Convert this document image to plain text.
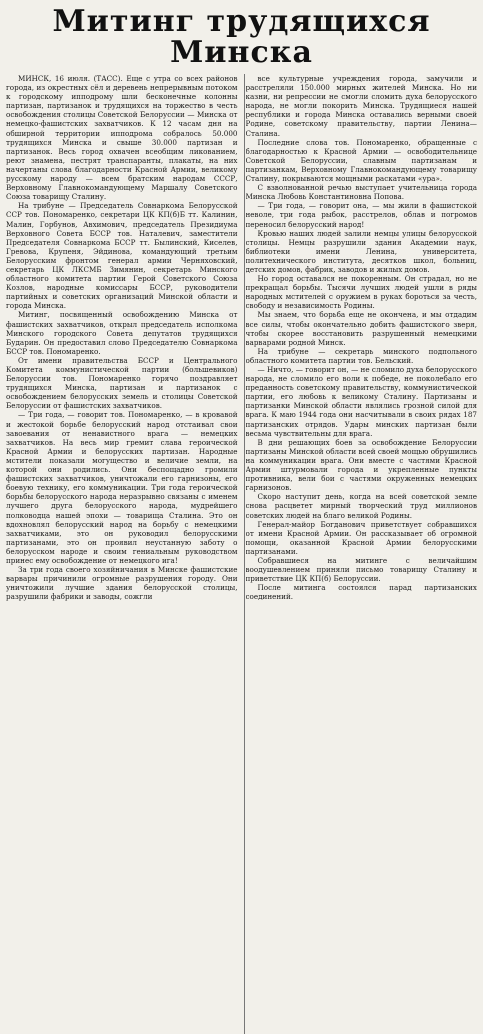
Митинг трудящихся
Минска

МИНСК, 16 июля. (ТАСС). Еще с утра со всех районов города, из окрестных сёл и деревень непрерывным потоком к городскому ипподрому шли бесконечные колонны партизан, партизанок и трудящихся на торжество в честь освобождения столицы Советской Белоруссии — Минска от немецко-фашистских захватчиков. К 12 часам дня на обширной территории ипподрома собралось 50.000 трудящихся Минска и свыше 30.000 партизан и партизанок. Весь город охвачен всеобщим ликованием, реют знамена, пестрят транспаранты, плакаты, на них начертаны слова благодарности Красной Армии, великому русскому народу — всем братским народам СССР, Верховному Главнокомандующему Маршалу Советского Союза товарищу Сталину.

На трибуне — Председатель Совнаркома Белорусской ССР тов. Пономаренко, секретари ЦК КП(б)Б тт. Калинин, Малин, Горбунов, Авхимович, председатель Президиума Верховного Совета БССР тов. Наталевич, заместители Председателя Совнаркома БССР тт. Былинский, Киселев, Гревова, Крупеня, Эйдинова, командующий третьим Белорусским фронтом генерал армии Черняховский, секретарь ЦК ЛКСМБ Зимянин, секретарь Минского областного комитета партии Герой Советского Союза Козлов, народные комиссары БССР, руководители партийных и советских организаций Минской области и города Минска.

Митинг, посвященный освобождению Минска от фашистских захватчиков, открыл председатель исполкома Минского городского Совета депутатов трудящихся Бударин. Он предоставил слово Председателю Совнаркома БССР тов. Пономаренко.

От имени правительства БССР и Центрального Комитета коммунистической партии (большевиков) Белоруссии тов. Пономаренко горячо поздравляет трудящихся Минска, партизан и партизанок с освобождением белорусских земель и столицы Советской Белоруссии от фашистских захватчиков.

— Три года, — говорит тов. Пономаренко, — в кровавой и жестокой борьбе белорусский народ отстаивал свои завоевания от ненавистного врага — немецких захватчиков. На весь мир гремит слава героической Красной Армии и белорусских партизан. Народные мстители показали могущество и величие земли, на которой они родились. Они беспощадно громили фашистских захватчиков, уничтожали его гарнизоны, его боевую технику, его коммуникации. Три года героической борьбы белорусского народа неразрывно связаны с именем лучшего друга белорусского народа, мудрейшего полководца нашей эпохи — товарища Сталина. Это он вдохновлял белорусский народ на борьбу с немецкими захватчиками, это он руководил белорусскими партизанами, это он проявил неустанную заботу о белорусском народе и своим гениальным руководством принес ему освобождение от немецкого ига!

За три года своего хозяйничания в Минске фашистские варвары причинили огромные разрушения городу. Они уничтожили лучшие здания белорусской столицы, разрушили фабрики и заводы, сожгли

все культурные учреждения города, замучили и расстреляли 150.000 мирных жителей Минска. Но ни казни, ни репрессии не смогли сломить духа белорусского народа, не могли покорить Минска. Трудящиеся нашей республики и города Минска оставались верными своей Родине, советскому правительству, партии Ленина—Сталина.

Последние слова тов. Пономаренко, обращенные с благодарностью к Красной Армии — освободительнице Советской Белоруссии, славным партизанам и партизанкам, Верховному Главнокомандующему товарищу Сталину, покрываются мощными раскатами «ура».

С взволнованной речью выступает учительница города Минска Любовь Константиновна Попова.

— Три года, — говорит она, — мы жили в фашистской неволе, три года рыбок, расстрелов, облав и погромов переносил белорусский народ!

Кровью наших людей залили немцы улицы белорусской столицы. Немцы разрушили здания Академии наук, библиотеки имени Ленина, университета, политехнического института, десятков школ, больниц, детских домов, фабрик, заводов и жилых домов.

Но город оставался не покоренным. Он страдал, но не прекращал борьбы. Тысячи лучших людей ушли в ряды народных мстителей с оружием в руках бороться за честь, свободу и независимость Родины.

Мы знаем, что борьба еще не окончена, и мы отдадим все силы, чтобы окончательно добить фашистского зверя, чтобы скорее восстановить разрушенный немецкими варварами родной Минск.

На трибуне — секретарь минского подпольного областного комитета партии тов. Бельский.

— Ничто, — говорит он, — не сломило духа белорусского народа, не сломило его воли к победе, не поколебало его преданность советскому правительству, коммунистической партии, его любовь к великому Сталину. Партизаны и партизанки Минской области являлись грозной силой для врага. К маю 1944 года они насчитывали в своих рядах 187 партизанских отрядов. Удары минских партизан были весьма чувствительны для врага.

В дни решающих боев за освобождение Белоруссии партизаны Минской области всей своей мощью обрушились на коммуникации врага. Они вместе с частями Красной Армии штурмовали города и укрепленные пункты противника, вели бои с частями окруженных немецких гарнизонов.

Скоро наступит день, когда на всей советской земле снова расцветет мирный творческий труд миллионов советских людей на благо великой Родины.

Генерал-майор Богданович приветствует собравшихся от имени Красной Армии. Он рассказывает об огромной помощи, оказанной Красной Армии белорусскими партизанами.

Собравшиеся на митинге с величайшим воодушевлением приняли письмо товарищу Сталину и приветствие ЦК КП(б) Белоруссии.

После митинга состоялся парад партизанских соединений.
